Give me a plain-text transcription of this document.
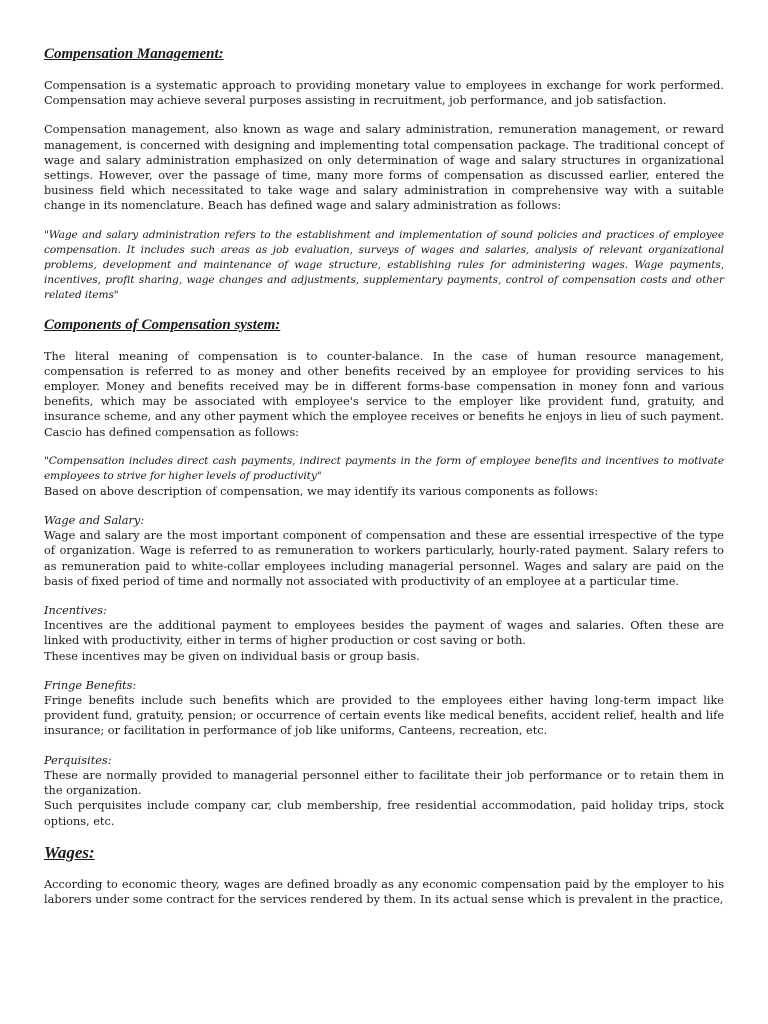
Compensation Management:

Compensation is a systematic approach to providing monetary value to employees in exchange for work performed. Compensation may achieve several purposes assisting in recruitment, job performance, and job satisfaction.

Compensation management, also known as wage and salary administration, remuneration management, or reward management, is concerned with designing and implementing total compensation package. The traditional concept of wage and salary administration emphasized on only determination of wage and salary structures in organizational settings. However, over the passage of time, many more forms of compensation as discussed earlier, entered the business field which necessitated to take wage and salary administration in comprehensive way with a suitable change in its nomenclature. Beach has defined wage and salary administration as follows:

"Wage and salary administration refers to the establishment and implementation of sound policies and practices of employee compensation. It includes such areas as job evaluation, surveys of wages and salaries, analysis of relevant organizational problems, development and maintenance of wage structure, establishing rules for administering wages. Wage payments, incentives, profit sharing, wage changes and adjustments, supplementary payments, control of compensation costs and other related items"

Components of Compensation system:

The literal meaning of compensation is to counter-balance. In the case of human resource management, compensation is referred to as money and other benefits received by an employee for providing services to his employer. Money and benefits received may be in different forms-base compensation in money fonn and various benefits, which may be associated with employee's service to the employer like provident fund, gratuity, and insurance scheme, and any other payment which the employee receives or benefits he enjoys in lieu of such payment. Cascio has defined compensation as follows:

"Compensation includes direct cash payments, indirect payments in the form of employee benefits and incentives to motivate employees to strive for higher levels of productivity"

Based on above description of compensation, we may identify its various components as follows:

Wage and Salary:

Wage and salary are the most important component of compensation and these are essential irrespective of the type of organization. Wage is referred to as remuneration to workers particularly, hourly-rated payment. Salary refers to as remuneration paid to white-collar employees including managerial personnel. Wages and salary are paid on the basis of fixed period of time and normally not associated with productivity of an employee at a particular time.

Incentives:

Incentives are the additional payment to employees besides the payment of wages and salaries. Often these are linked with productivity, either in terms of higher production or cost saving or both.

These incentives may be given on individual basis or group basis.

Fringe Benefits:

Fringe benefits include such benefits which are provided to the employees either having long-term impact like provident fund, gratuity, pension; or occurrence of certain events like medical benefits, accident relief, health and life insurance; or facilitation in performance of job like uniforms, Canteens, recreation, etc.

Perquisites:

These are normally provided to managerial personnel either to facilitate their job performance or to retain them in the organization.

Such perquisites include company car, club membership, free residential accommodation, paid holiday trips, stock options, etc.

Wages:

According to economic theory, wages are defined broadly as any economic compensation paid by the employer to his laborers under some contract for the services rendered by them. In its actual sense which is prevalent in the practice,
